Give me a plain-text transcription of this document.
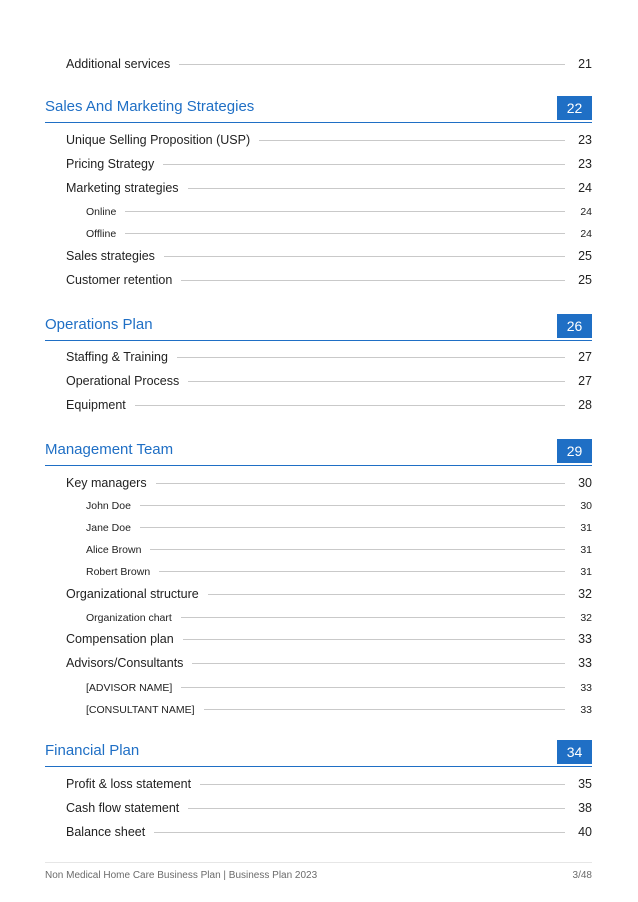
Additional services	21
Sales And Marketing Strategies	22
Unique Selling Proposition (USP)	23
Pricing Strategy	23
Marketing strategies	24
Online	24
Offline	24
Sales strategies	25
Customer retention	25
Operations Plan	26
Staffing & Training	27
Operational Process	27
Equipment	28
Management Team	29
Key managers	30
John Doe	30
Jane Doe	31
Alice Brown	31
Robert Brown	31
Organizational structure	32
Organization chart	32
Compensation plan	33
Advisors/Consultants	33
[ADVISOR NAME]	33
[CONSULTANT NAME]	33
Financial Plan	34
Profit & loss statement	35
Cash flow statement	38
Balance sheet	40
Non Medical Home Care Business Plan | Business Plan 2023	3/48
